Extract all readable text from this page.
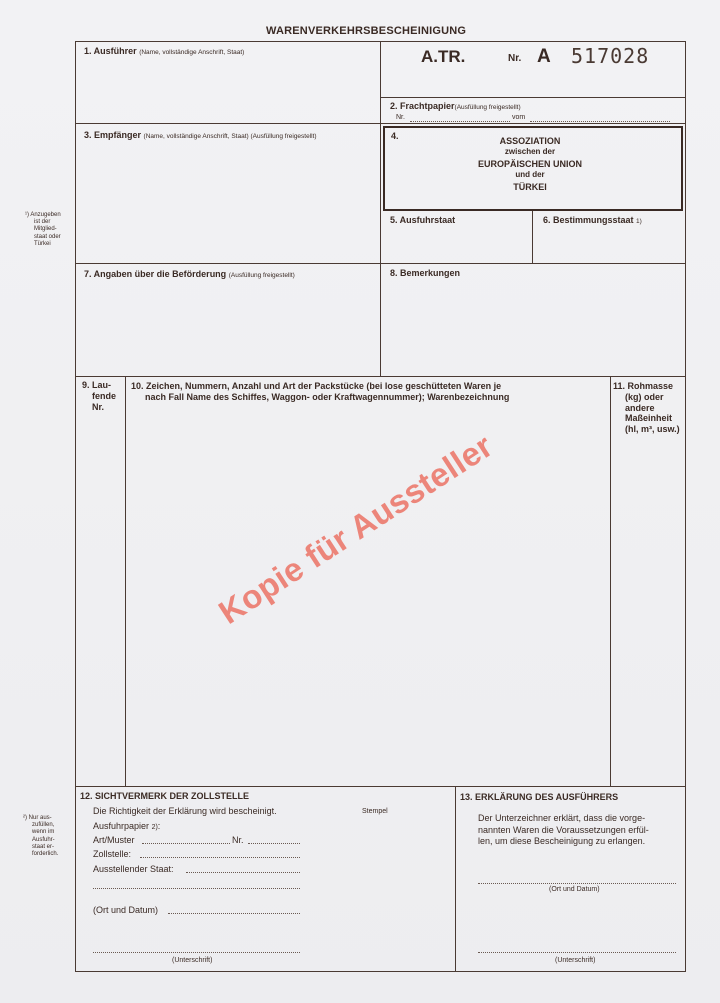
WARENVERKEHRSBESCHEINIGUNG
1. Ausführer (Name, vollständige Anschrift, Staat)	A.TR.	Nr. A 517028
2. Frachtpapier(Ausfüllung freigestellt)
Nr.	vom
3. Empfänger (Name, vollständige Anschrift, Staat) (Ausfüllung freigestellt)	4.	ASSOZIATION
zwischen der
EUROPÄISCHEN UNION
und der
TÜRKEI
5. Ausfuhrstaat	6. Bestimmungsstaat 1)
¹) Anzugeben
ist der
Mitglied-
staat oder
Türkei
7. Angaben über die Beförderung (Ausfüllung freigestellt)	8. Bemerkungen
9. Lau-
fende
Nr.
10. Zeichen, Nummern, Anzahl und Art der Packstücke (bei lose geschütteten Waren je
nach Fall Name des Schiffes, Waggon- oder Kraftwagennummer); Warenbezeichnung
11. Rohmasse
(kg) oder
andere
Maßeinheit
(hl, m³, usw.)
Kopie für Aussteller
12. SICHTVERMERK DER ZOLLSTELLE
Die Richtigkeit der Erklärung wird bescheinigt.	Stempel
Ausfuhrpapier 2):
Art/Muster	Nr.
Zollstelle:
Ausstellender Staat:
(Ort und Datum)
(Unterschrift)
²) Nur aus-
zufüllen,
wenn im
Ausfuhr-
staat er-
forderlich.
13. ERKLÄRUNG DES AUSFÜHRERS
Der Unterzeichner erklärt, dass die vorge-
nannten Waren die Voraussetzungen erfül-
len, um diese Bescheinigung zu erlangen.
(Ort und Datum)
(Unterschrift)
